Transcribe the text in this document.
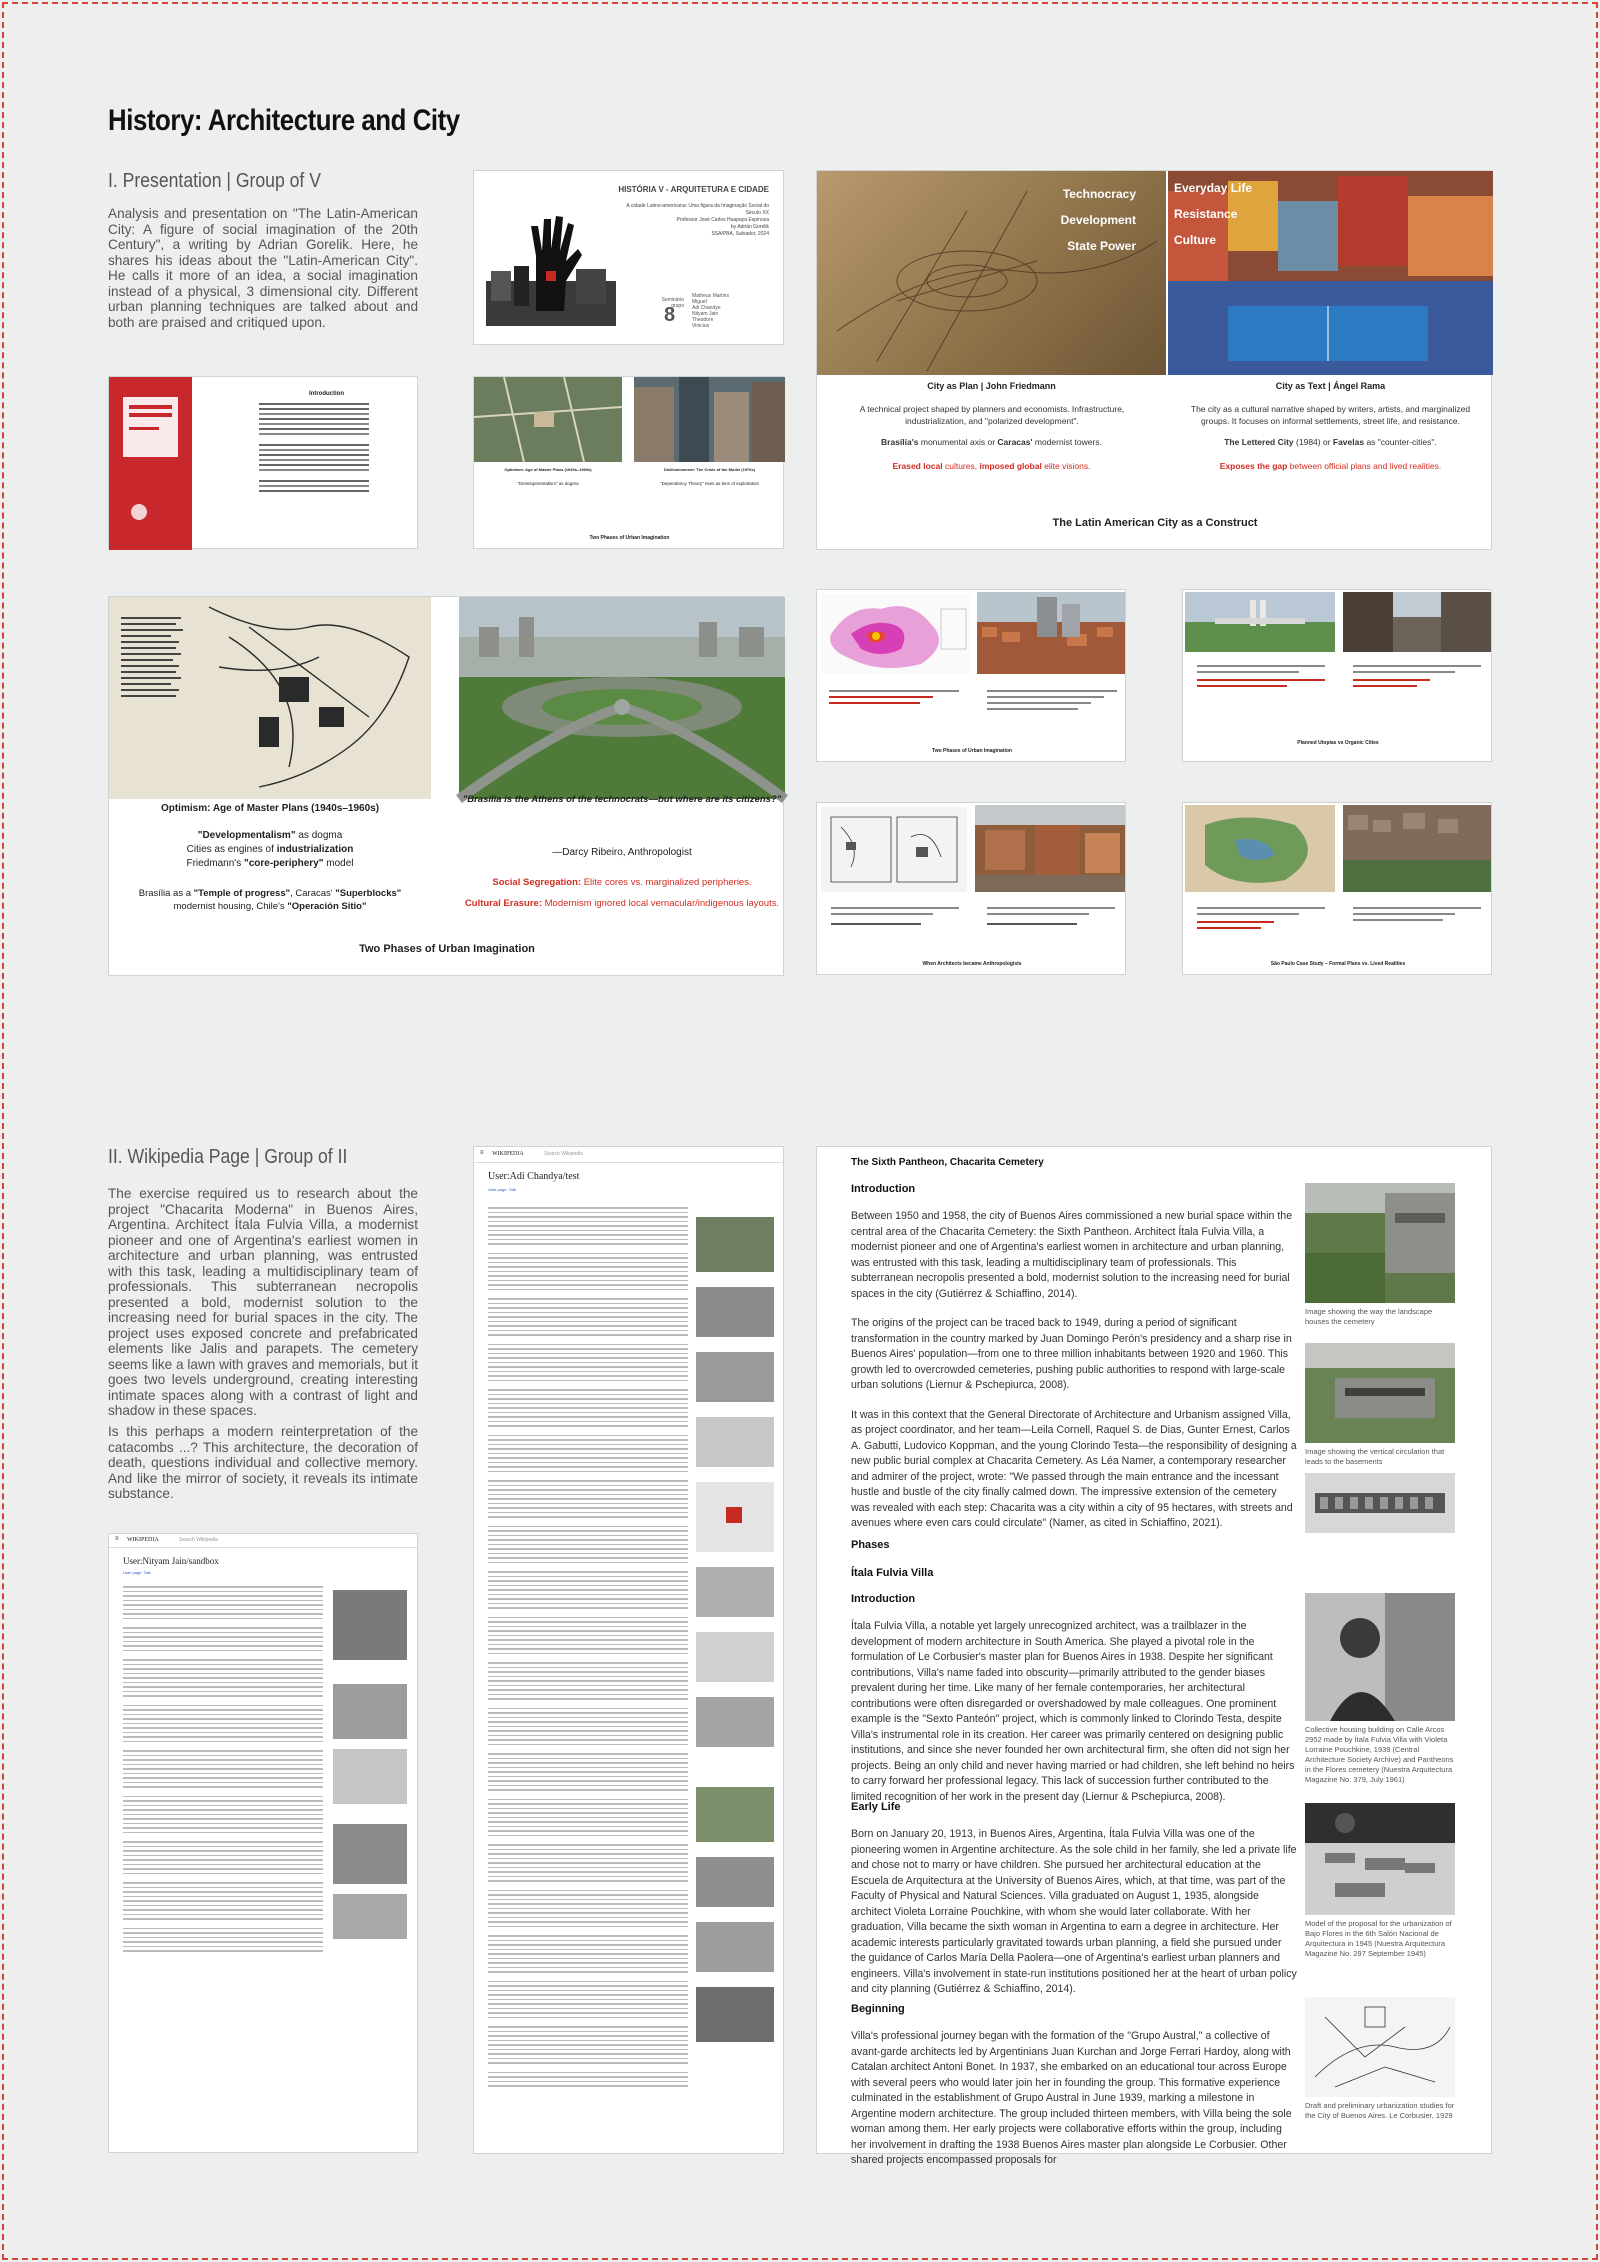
History: Architecture and City
I. Presentation | Group of V
Analysis and presentation on "The Latin-American City: A figure of social imagination of the 20th Century", a writing by Adrian Gorelik. Here, he shares his ideas about the "Latin-American City". He calls it more of an idea, a social imagination instead of a physical, 3 dimensional city. Different urban planning techniques are talked about and both are praised and critiqued upon.
HISTÓRIA V - ARQUITETURA E CIDADE
A cidade Latino-americana: Uma figura da Imaginação Social do Século XX
Professor José Carlos Huapaya Espinoza
by Adrián Gorelik
SSA/PBA, Salvador, 2024
Seminário grupo
8
Matheus Martins
Miguel
Adi Chandye
Nityam Jain
Theodore
Vinicius
Technocracy
Development
State Power
Everyday Life
Resistance
Culture
City as Plan | John Friedmann
A technical project shaped by planners and economists. Infrastructure, industrialization, and "polarized development".
Brasília's monumental axis or Caracas' modernist towers.
Erased local cultures, imposed global elite visions.
City as Text | Ángel Rama
The city as a cultural narrative shaped by writers, artists, and marginalized groups. It focuses on informal settlements, street life, and resistance.
The Lettered City (1984) or Favelas as "counter-cities".
Exposes the gap between official plans and lived realities.
The Latin American City as a Construct
Introduction
Optimism: Age of Master Plans (1940s–1960s)	Disillusionment: The Crisis of the Model (1970s)
"Developmentalism" as dogma	"Dependency Theory" rises as lens of exploitation
Two Phases of Urban Imagination
Optimism: Age of Master Plans (1940s–1960s)
"Developmentalism" as dogma
Cities as engines of industrialization
Friedmann's "core-periphery" model
Brasília as a "Temple of progress", Caracas' "Superblocks" modernist housing, Chile's "Operación Sitio"
"Brasília is the Athens of the technocrats—but where are its citizens?"
—Darcy Ribeiro, Anthropologist
Social Segregation: Elite cores vs. marginalized peripheries.
Cultural Erasure: Modernism ignored local vernacular/indigenous layouts.
Two Phases of Urban Imagination
Two Phases of Urban Imagination
Planned Utopias vs Organic Cities
When Architects became Anthropologists	São Paulo Case Study – Formal Plans vs. Lived Realities
II. Wikipedia Page | Group of II
The exercise required us to research about the project "Chacarita Moderna" in Buenos Aires, Argentina. Architect Ítala Fulvia Villa, a modernist pioneer and one of Argentina's earliest women in architecture and urban planning, was entrusted with this task, leading a multidisciplinary team of professionals. This subterranean necropolis presented a bold, modernist solution to the increasing need for burial spaces in the city. The project uses exposed concrete and prefabricated elements like Jalis and parapets. The cemetery seems like a lawn with graves and memorials, but it goes two levels underground, creating interesting intimate spaces along with a contrast of light and shadow in these spaces.
Is this perhaps a modern reinterpretation of the catacombs ...? This architecture, the decoration of death, questions individual and collective memory. And like the mirror of society, it reveals its intimate substance.
≡ WIKIPEDIA	Search Wikipedia
User:Nityam Jain/sandbox
User page Talk
≡ WIKIPEDIA	Search Wikipedia
User:Adi Chandya/test
User page Talk
The Sixth Pantheon, Chacarita Cemetery
Introduction

Between 1950 and 1958, the city of Buenos Aires commissioned a new burial space within the central area of the Chacarita Cemetery: the Sixth Pantheon. Architect Ítala Fulvia Villa, a modernist pioneer and one of Argentina's earliest women in architecture and urban planning, was entrusted with this task, leading a multidisciplinary team of professionals. This subterranean necropolis presented a bold, modernist solution to the increasing need for burial spaces in the city (Gutiérrez & Schiaffino, 2014).

The origins of the project can be traced back to 1949, during a period of significant transformation in the country marked by Juan Domingo Perón's presidency and a sharp rise in Buenos Aires' population—from one to three million inhabitants between 1920 and 1960. This growth led to overcrowded cemeteries, pushing public authorities to respond with large-scale urban solutions (Liernur & Pschepiurca, 2008).

It was in this context that the General Directorate of Architecture and Urbanism assigned Villa, as project coordinator, and her team—Leila Cornell, Raquel S. de Dias, Gunter Ernest, Carlos A. Gabutti, Ludovico Koppman, and the young Clorindo Testa—the responsibility of designing a new public burial complex at Chacarita Cemetery. As Léa Namer, a contemporary researcher and admirer of the project, wrote: "We passed through the main entrance and the incessant hustle and bustle of the city finally calmed down. The impressive extension of the cemetery was revealed with each step: Chacarita was a city within a city of 95 hectares, with streets and avenues where even cars could circulate" (Namer, as cited in Schiaffino, 2021).

Phases
Ítala Fulvia Villa
Introduction
Ítala Fulvia Villa, a notable yet largely unrecognized architect, was a trailblazer in the development of modern architecture in South America. She played a pivotal role in the formulation of Le Corbusier's master plan for Buenos Aires in 1938. Despite her significant contributions, Villa's name faded into obscurity—primarily attributed to the gender biases prevalent during her time. Like many of her female contemporaries, her architectural contributions were often disregarded or overshadowed by male colleagues. One prominent example is the "Sexto Panteón" project, which is commonly linked to Clorindo Testa, despite Villa's instrumental role in its creation. Her career was primarily centered on designing public institutions, and since she never founded her own architectural firm, she often did not sign her projects. Being an only child and never having married or had children, she left behind no heirs to carry forward her professional legacy. This lack of succession further contributed to the limited recognition of her work in the present day (Liernur & Pschepiurca, 2008).
Early Life
Born on January 20, 1913, in Buenos Aires, Argentina, Ítala Fulvia Villa was one of the pioneering women in Argentine architecture. As the sole child in her family, she led a private life and chose not to marry or have children. She pursued her architectural education at the Escuela de Arquitectura at the University of Buenos Aires, which, at that time, was part of the Faculty of Physical and Natural Sciences. Villa graduated on August 1, 1935, alongside architect Violeta Lorraine Pouchkine, with whom she would later collaborate. With her graduation, Villa became the sixth woman in Argentina to earn a degree in architecture. Her academic interests particularly gravitated towards urban planning, a field she pursued under the guidance of Carlos María Della Paolera—one of Argentina's earliest urban planners and engineers. Villa's involvement in state-run institutions positioned her at the heart of urban policy and city planning (Gutiérrez & Schiaffino, 2014).
Beginning
Villa's professional journey began with the formation of the "Grupo Austral," a collective of avant-garde architects led by Argentinians Juan Kurchan and Jorge Ferrari Hardoy, along with Catalan architect Antoni Bonet. In 1937, she embarked on an educational tour across Europe with several peers who would later join her in founding the group. This formative experience culminated in the establishment of Grupo Austral in June 1939, marking a milestone in Argentine modern architecture. The group included thirteen members, with Villa being the sole woman among them. Her early projects were collaborative efforts within the group, including her involvement in drafting the 1938 Buenos Aires master plan alongside Le Corbusier. Other shared projects encompassed proposals for
Image showing the way the landscape houses the cemetery
Image showing the vertical circulation that leads to the basements
Collective housing building on Calle Arcos 2952 made by Ítala Fulvia Villa with Violeta Lorraine Pouchkine, 1939 (Central Architecture Society Archive) and Pantheons in the Flores cemetery (Nuestra Arquitectura Magazine No. 379, July 1961)
Model of the proposal for the urbanization of Bajo Flores in the 6th Salón Nacional de Arquitectura in 1945 (Nuestra Arquitectura Magazine No. 297 September 1945)
Draft and preliminary urbanization studies for the City of Buenos Aires. Le Corbusier, 1929
